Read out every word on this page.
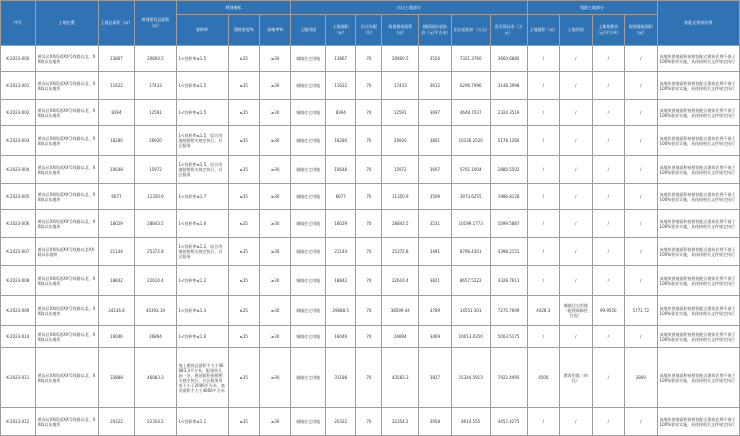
序号	土地位置	土地总面积（㎡）	规划建设总面积（㎡）	规划指标			出让土地部分							划拨土地部分				装配式建筑比例
				容积率	建筑密度%	绿地率%	土地用途	土地面积（㎡）	出让年限（年）	规划建筑面积（㎡）	楼面地价起始价（元/平方米）	出让起始价（万元）	竞买保证金（万元）	土地面积（㎡）	土地用途	土地划拨价（元/平方米）	规划建筑面积（㎡）	
K-2023-000	黄岛区XX街道XX号线路以北，XX路以东地块	13867	20800.5	1<容积率≤1.5	≤35	≥30	城镇住宅用地	13867	70	20800.5	3520	7321.3760	3660.6880	/	/	/	/	该地块供地面积按照装配式建筑比例不低于100%要求实施，具体按相关文件规定执行
K-2023-001	黄岛区XX街道XX号线路以北，XX路以东地块	11622	17433	1<容积率≤1.5	≤35	≥30	城镇住宅用地	11622	70	17433	3612	6296.7996	3148.3998	/	/	/	/	该地块供地面积按照装配式建筑比例不低于100%要求实施，具体按相关文件规定执行
K-2023-002	黄岛区XX街道XX号线路以北，XX路以东地块	8394	12591	1<容积率≤1.5	≤35	≥30	城镇住宅用地	8394	70	12591	3697	4648.7037	2324.3519	/	/	/	/	该地块供地面积按照装配式建筑比例不低于100%要求实施，具体按相关文件规定执行
K-2023-003	黄岛区XX街道XX号线路以北，XX路以东地块	18280	26920	1<容积率≤1.5，综合用地按照相关规定执行，社区服务	≤35	≥30	城镇住宅用地	18280	70	26920	3801	10336.2520	5178.1260	/	/	/	/	该地块供地面积按照装配式建筑比例不低于100%要求实施，具体按相关文件规定执行
K-2023-004	黄岛区XX街道XX号线路以北，XX路以东地块	10648	15972	1<容积率≤1.5，综合用地按照相关规定执行，社区服务	≤35	≥30	城镇住宅用地	10648	70	15972	3607	5761.1004	2880.5502	/	/	/	/	该地块供地面积按照装配式建筑比例不低于100%要求实施，具体按相关文件规定执行
K-2023-005	黄岛区XX街道XX号线路以北，XX路以东地块	6677	11350.9	1<容积率≤1.7	≤35	≥30	城镇住宅用地	6677	70	11350.9	3509	3973.6255	1986.8128	/	/	/	/	该地块供地面积按照装配式建筑比例不低于100%要求实施，具体按相关文件规定执行
K-2023-006	黄岛区XX街道XX号线路以北，XX路以东地块	18029	28843.5	1<容积率≤1.6	≤35	≥30	城镇住宅用地	18029	70	28843.5	3531	10199.1773	5099.5887	/	/	/	/	该地块供地面积按照装配式建筑比例不低于100%要求实施，具体按相关文件规定执行
K-2023-007	黄岛区XX街道XX号线路以北XX路以东地块	21144	25372.8	1<容积率≤1.2，综合用地按照相关规定执行，社区服务	≤35	≥30	城镇住宅用地	21144	70	25372.8	3491	8796.4301	4398.2151	/	/	/	/	该地块供地面积按照装配式建筑比例不低于100%要求实施，具体按相关文件规定执行
K-2023-008	黄岛区XX街道XX号线路以北，XX路以东地块	18842	22610.4	1<容积率≤1.2	≤35	≥30	城镇住宅用地	18842	70	22610.4	3821	8657.5222	4328.7611	/	/	/	/	该地块供地面积按照装配式建筑比例不低于100%要求实施，具体按相关文件规定执行
K-2023-009	黄岛区XX街道XX号线路以北，XX路以东地块	34136.8	44393.19	1<容积率≤1.3	≤35	≥30	城镇住宅用地	29688.5	70	38599.44	3789	14551.301	7275.7609	4428.3	城镇住宅用地（配建保障性住房）	99.9550	5771.72	该地块供地面积按照装配式建筑比例不低于100%要求实施，具体按相关文件规定执行
K-2023-010	黄岛区XX街道XX号线路以北，XX路以东地块	16046	26894	1<容积率≤1.6	≤35	≥30	城镇住宅用地	16046	70	26894	3469	10013.0350	5003.5175	/	/	/	/	该地块供地面积按照装配式建筑比例不低于100%要求实施，具体按相关文件规定执行
K-2023-011	黄岛区XX街道XX号线路以北，XX路以东地块	33888	46083.3	地上建筑总面积不大于46083.3平方米，配建幼儿园一处，规划面积按照相关规定执行，社区服务用房不小于2000平方米，商业面积不大于4000平方米	≤35	≥30	城镇住宅用地	31188	70	43583.3	3827	15344.5913	7922.4495	4500	教育用地（幼托）	/	2800	该地块供地面积按照装配式建筑比例不低于100%要求实施，具体按相关文件规定执行
K-2023-012	黄岛区XX街道XX号线路以北，XX路以东地块	20322	22354.2	1<容积率≤1.1	≤35	≥30	城镇住宅用地	20322	70	22354.2	3958	8914.555	4457.4275	/	/	/	/	该地块供地面积按照装配式建筑比例不低于100%要求实施，具体按相关文件规定执行
